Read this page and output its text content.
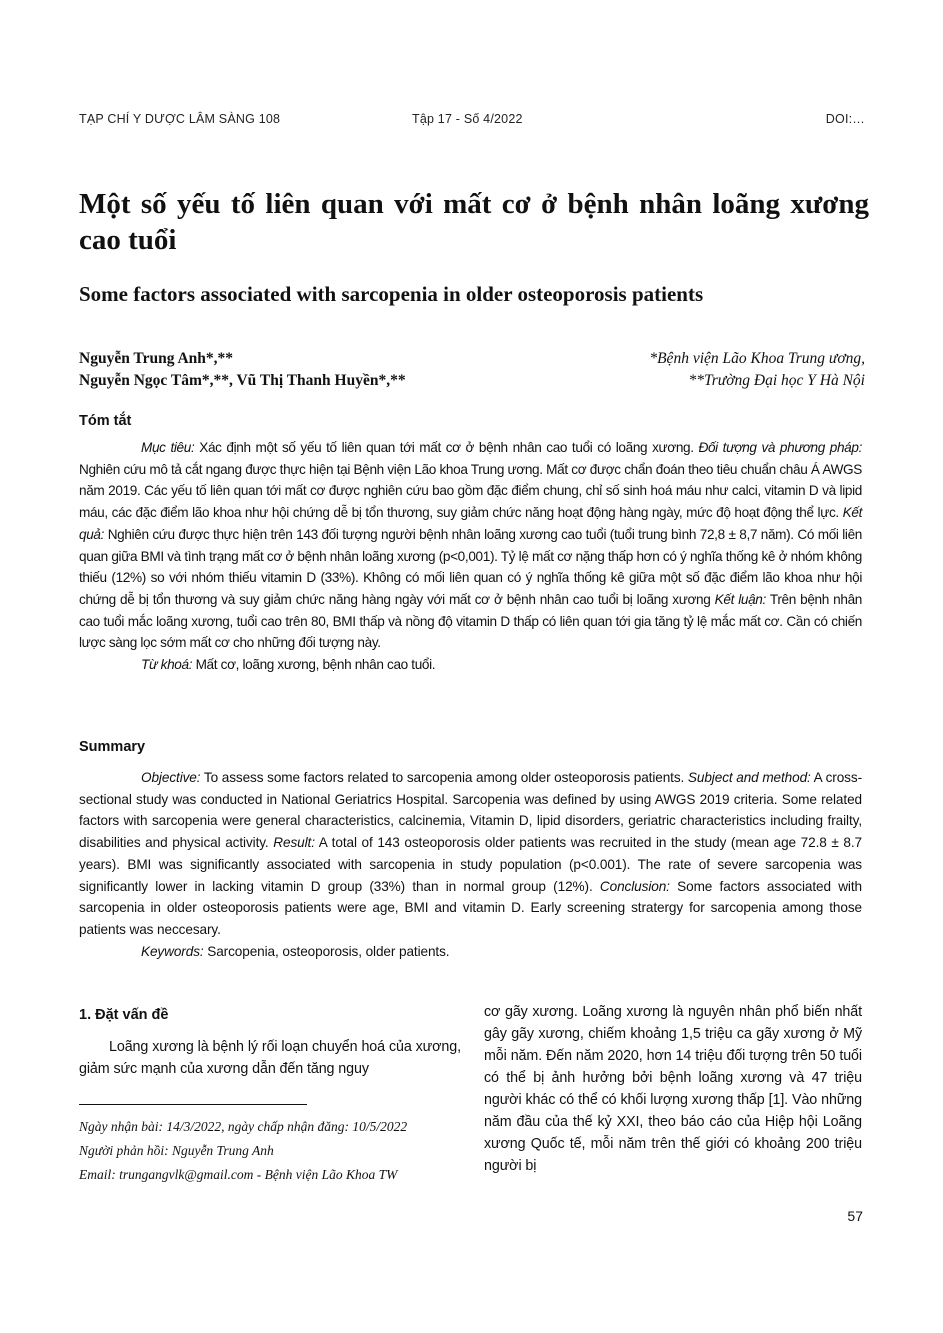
TẠP CHÍ Y DƯỢC LÂM SÀNG 108	Tập 17 - Số 4/2022	DOI:…
Một số yếu tố liên quan với mất cơ ở bệnh nhân loãng xương cao tuổi
Some factors associated with sarcopenia in older osteoporosis patients
Nguyễn Trung Anh*,**
Nguyễn Ngọc Tâm*,**, Vũ Thị Thanh Huyền*,**
*Bệnh viện Lão Khoa Trung ương,
**Trường Đại học Y Hà Nội
Tóm tắt

Mục tiêu: Xác định một số yếu tố liên quan tới mất cơ ở bệnh nhân cao tuổi có loãng xương. Đối tượng và phương pháp: Nghiên cứu mô tả cắt ngang được thực hiện tại Bệnh viện Lão khoa Trung ương. Mất cơ được chẩn đoán theo tiêu chuẩn châu Á AWGS năm 2019. Các yếu tố liên quan tới mất cơ được nghiên cứu bao gồm đặc điểm chung, chỉ số sinh hoá máu như calci, vitamin D và lipid máu, các đặc điểm lão khoa như hội chứng dễ bị tổn thương, suy giảm chức năng hoạt động hàng ngày, mức độ hoạt động thể lực. Kết quả: Nghiên cứu được thực hiện trên 143 đối tượng người bệnh nhân loãng xương cao tuổi (tuổi trung bình 72,8 ± 8,7 năm). Có mối liên quan giữa BMI và tình trạng mất cơ ở bệnh nhân loãng xương (p<0,001). Tỷ lệ mất cơ nặng thấp hơn có ý nghĩa thống kê ở nhóm không thiếu (12%) so với nhóm thiếu vitamin D (33%). Không có mối liên quan có ý nghĩa thống kê giữa một số đặc điểm lão khoa như hội chứng dễ bị tổn thương và suy giảm chức năng hàng ngày với mất cơ ở bệnh nhân cao tuổi bị loãng xương Kết luận: Trên bệnh nhân cao tuổi mắc loãng xương, tuổi cao trên 80, BMI thấp và nồng độ vitamin D thấp có liên quan tới gia tăng tỷ lệ mắc mất cơ. Cần có chiến lược sàng lọc sớm mất cơ cho những đối tượng này.

Từ khoá: Mất cơ, loãng xương, bệnh nhân cao tuổi.

Summary

Objective: To assess some factors related to sarcopenia among older osteoporosis patients. Subject and method: A cross-sectional study was conducted in National Geriatrics Hospital. Sarcopenia was defined by using AWGS 2019 criteria. Some related factors with sarcopenia were general characteristics, calcinemia, Vitamin D, lipid disorders, geriatric characteristics including frailty, disabilities and physical activity. Result: A total of 143 osteoporosis older patients was recruited in the study (mean age 72.8 ± 8.7 years). BMI was significantly associated with sarcopenia in study population (p<0.001). The rate of severe sarcopenia was significantly lower in lacking vitamin D group (33%) than in normal group (12%). Conclusion: Some factors associated with sarcopenia in older osteoporosis patients were age, BMI and vitamin D. Early screening stratergy for sarcopenia among those patients was neccesary.

Keywords: Sarcopenia, osteoporosis, older patients.

1. Đặt vấn đề

Loãng xương là bệnh lý rối loạn chuyển hoá của xương, giảm sức mạnh của xương dẫn đến tăng nguy

cơ gãy xương. Loãng xương là nguyên nhân phổ biến nhất gây gãy xương, chiếm khoảng 1,5 triệu ca gãy xương ở Mỹ mỗi năm. Đến năm 2020, hơn 14 triệu đối tượng trên 50 tuổi có thể bị ảnh hưởng bởi bệnh loãng xương và 47 triệu người khác có thể có khối lượng xương thấp [1]. Vào những năm đầu của thế kỷ XXI, theo báo cáo của Hiệp hội Loãng xương Quốc tế, mỗi năm trên thế giới có khoảng 200 triệu người bị

Ngày nhận bài: 14/3/2022, ngày chấp nhận đăng: 10/5/2022
Người phản hồi: Nguyễn Trung Anh
Email: trungangvlk@gmail.com - Bệnh viện Lão Khoa TW
57
